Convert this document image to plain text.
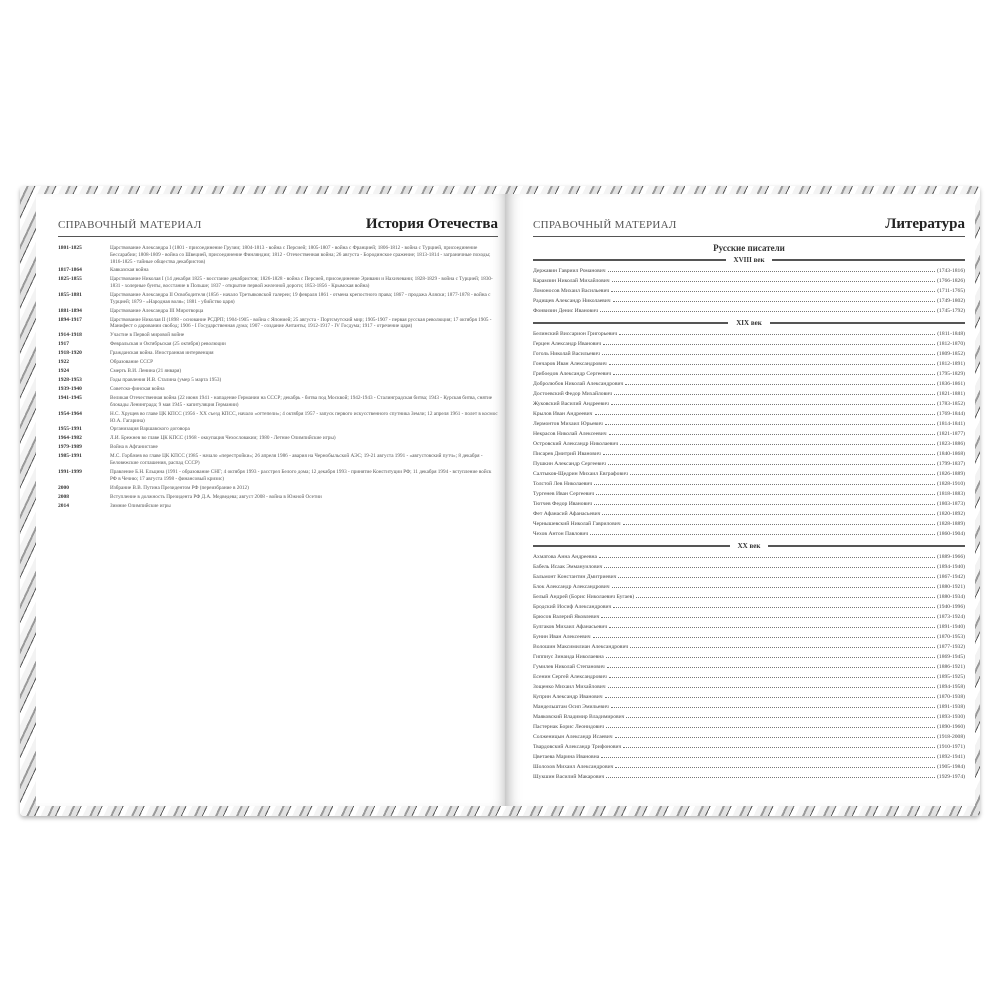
СПРАВОЧНЫЙ МАТЕРИАЛ	История Отечества
1801-1825	Царствование Александра I (1801 - присоединение Грузии; 1804-1813 - война с Персией; 1805-1807 - война с Францией; 1806-1812 - война с Турцией, присоединение Бессарабии; 1808-1809 - война со Швецией, присоединение Финляндии; 1812 - Отечественная война; 26 августа - Бородинское сражение; 1813-1814 - заграничные походы; 1816-1825 - тайные общества декабристов)
1817-1864	Кавказская война
1825-1855	Царствование Николая I (14 декабря 1825 - восстание декабристов; 1826-1828 - война с Персией, присоединение Эривани и Нахичевани; 1828-1829 - война с Турцией; 1830-1831 - холерные бунты, восстание в Польше; 1837 - открытие первой железной дороги; 1853-1856 - Крымская война)
1855-1881	Царствование Александра II Освободителя (1856 - начало Третьяковской галереи; 19 февраля 1861 - отмена крепостного права; 1867 - продажа Аляски; 1877-1878 - война с Турцией; 1879 - «Народная воля»; 1881 - убийство царя)
1881-1894	Царствование Александра III Миротворца
1894-1917	Царствование Николая II (1898 - основание РСДРП; 1904-1905 - война с Японией; 25 августа - Портсмутский мир; 1905-1907 - первая русская революция; 17 октября 1905 - Манифест о даровании свобод; 1906 - I Государственная дума; 1907 - создание Антанты; 1912-1917 - IV Госдума; 1917 - отречение царя)
1914-1918	Участие в Первой мировой войне
1917	Февральская и Октябрьская (25 октября) революции
1918-1920	Гражданская война. Иностранная интервенция
1922	Образование СССР
1924	Смерть В.И. Ленина (21 января)
1928-1953	Годы правления И.В. Сталина (умер 5 марта 1953)
1939-1940	Советско-финская война
1941-1945	Великая Отечественная война (22 июня 1941 - нападение Германии на СССР; декабрь - битва под Москвой; 1942-1943 - Сталинградская битва; 1943 - Курская битва, снятие блокады Ленинграда; 9 мая 1945 - капитуляция Германии)
1954-1964	Н.С. Хрущев во главе ЦК КПСС (1956 - XX съезд КПСС, начало «оттепели»; 4 октября 1957 - запуск первого искусственного спутника Земли; 12 апреля 1961 - полет в космос Ю.А. Гагарина)
1955-1991	Организация Варшавского договора
1964-1982	Л.И. Брежнев во главе ЦК КПСС (1968 - оккупация Чехословакии; 1980 - Летние Олимпийские игры)
1979-1989	Война в Афганистане
1985-1991	М.С. Горбачев во главе ЦК КПСС (1985 - начало «перестройки»; 26 апреля 1986 - авария на Чернобыльской АЭС; 19-21 августа 1991 - «августовский путч»; 8 декабря - Беловежские соглашения, распад СССР)
1991-1999	Правление Б.Н. Ельцина (1991 - образование СНГ; 4 октября 1993 - расстрел Белого дома; 12 декабря 1993 - принятие Конституции РФ; 11 декабря 1994 - вступление войск РФ в Чечню; 17 августа 1998 - финансовый кризис)
2000	Избрание В.В. Путина Президентом РФ (переизбрание в 2012)
2008	Вступление в должность Президента РФ Д.А. Медведева; август 2008 - война в Южной Осетии
2014	Зимние Олимпийские игры
СПРАВОЧНЫЙ МАТЕРИАЛ	Литература
Русские писатели
XVIII век
Державин Гавриил Романович	(1743-1816)
Карамзин Николай Михайлович	(1766-1826)
Ломоносов Михаил Васильевич	(1711-1765)
Радищев Александр Николаевич	(1749-1802)
Фонвизин Денис Иванович	(1745-1792)
XIX век
Белинский Виссарион Григорьевич	(1811-1848)
Герцен Александр Иванович	(1812-1870)
Гоголь Николай Васильевич	(1809-1852)
Гончаров Иван Александрович	(1812-1891)
Грибоедов Александр Сергеевич	(1795-1829)
Добролюбов Николай Александрович	(1836-1861)
Достоевский Федор Михайлович	(1821-1881)
Жуковский Василий Андреевич	(1783-1852)
Крылов Иван Андреевич	(1769-1844)
Лермонтов Михаил Юрьевич	(1814-1841)
Некрасов Николай Алексеевич	(1821-1877)
Островский Александр Николаевич	(1823-1886)
Писарев Дмитрий Иванович	(1840-1868)
Пушкин Александр Сергеевич	(1799-1837)
Салтыков-Щедрин Михаил Евграфович	(1826-1889)
Толстой Лев Николаевич	(1828-1910)
Тургенев Иван Сергеевич	(1818-1883)
Тютчев Федор Иванович	(1803-1873)
Фет Афанасий Афанасьевич	(1820-1892)
Чернышевский Николай Гаврилович	(1828-1889)
Чехов Антон Павлович	(1860-1904)
XX век
Ахматова Анна Андреевна	(1889-1966)
Бабель Исаак Эммануилович	(1894-1940)
Бальмонт Константин Дмитриевич	(1867-1942)
Блок Александр Александрович	(1880-1921)
Белый Андрей (Борис Николаевич Бугаев)	(1880-1934)
Бродский Иосиф Александрович	(1940-1996)
Брюсов Валерий Яковлевич	(1873-1924)
Булгаков Михаил Афанасьевич	(1891-1940)
Бунин Иван Алексеевич	(1870-1953)
Волошин Максимилиан Александрович	(1877-1932)
Гиппиус Зинаида Николаевна	(1869-1945)
Гумилев Николай Степанович	(1886-1921)
Есенин Сергей Александрович	(1895-1925)
Зощенко Михаил Михайлович	(1894-1958)
Куприн Александр Иванович	(1870-1938)
Мандельштам Осип Эмильевич	(1891-1938)
Маяковский Владимир Владимирович	(1893-1930)
Пастернак Борис Леонидович	(1890-1960)
Солженицын Александр Исаевич	(1918-2008)
Твардовский Александр Трифонович	(1910-1971)
Цветаева Марина Ивановна	(1892-1941)
Шолохов Михаил Александрович	(1905-1984)
Шукшин Василий Макарович	(1929-1974)
